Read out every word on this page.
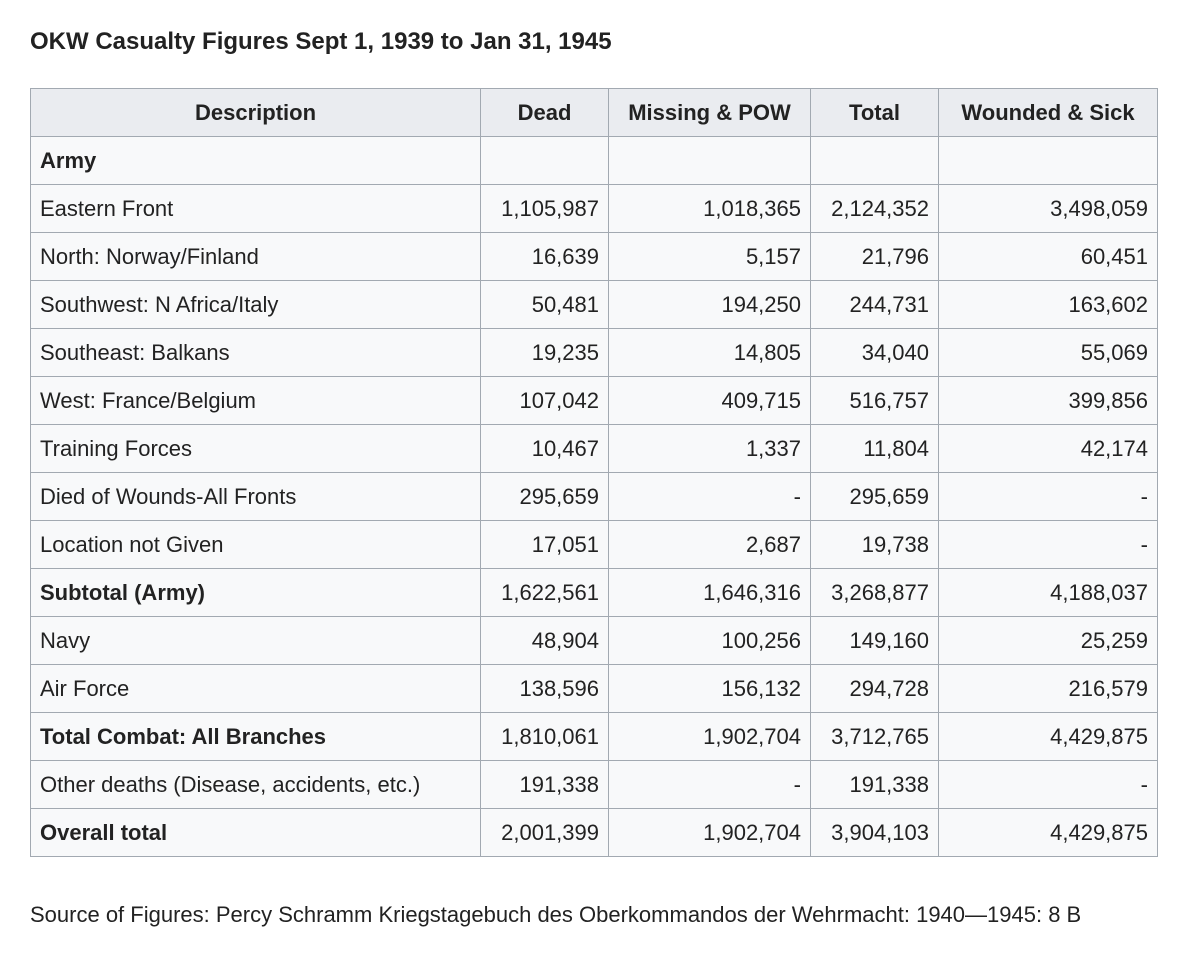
OKW Casualty Figures Sept 1, 1939 to Jan 31, 1945
Description	Dead	Missing & POW	Total	Wounded & Sick
Army				
Eastern Front	1,105,987	1,018,365	2,124,352	3,498,059
North: Norway/Finland	16,639	5,157	21,796	60,451
Southwest: N Africa/Italy	50,481	194,250	244,731	163,602
Southeast: Balkans	19,235	14,805	34,040	55,069
West: France/Belgium	107,042	409,715	516,757	399,856
Training Forces	10,467	1,337	11,804	42,174
Died of Wounds-All Fronts	295,659	-	295,659	-
Location not Given	17,051	2,687	19,738	-
Subtotal (Army)	1,622,561	1,646,316	3,268,877	4,188,037
Navy	48,904	100,256	149,160	25,259
Air Force	138,596	156,132	294,728	216,579
Total Combat: All Branches	1,810,061	1,902,704	3,712,765	4,429,875
Other deaths (Disease, accidents, etc.)	191,338	-	191,338	-
Overall total	2,001,399	1,902,704	3,904,103	4,429,875
Source of Figures: Percy Schramm Kriegstagebuch des Oberkommandos der Wehrmacht: 1940—1945: 8 B
